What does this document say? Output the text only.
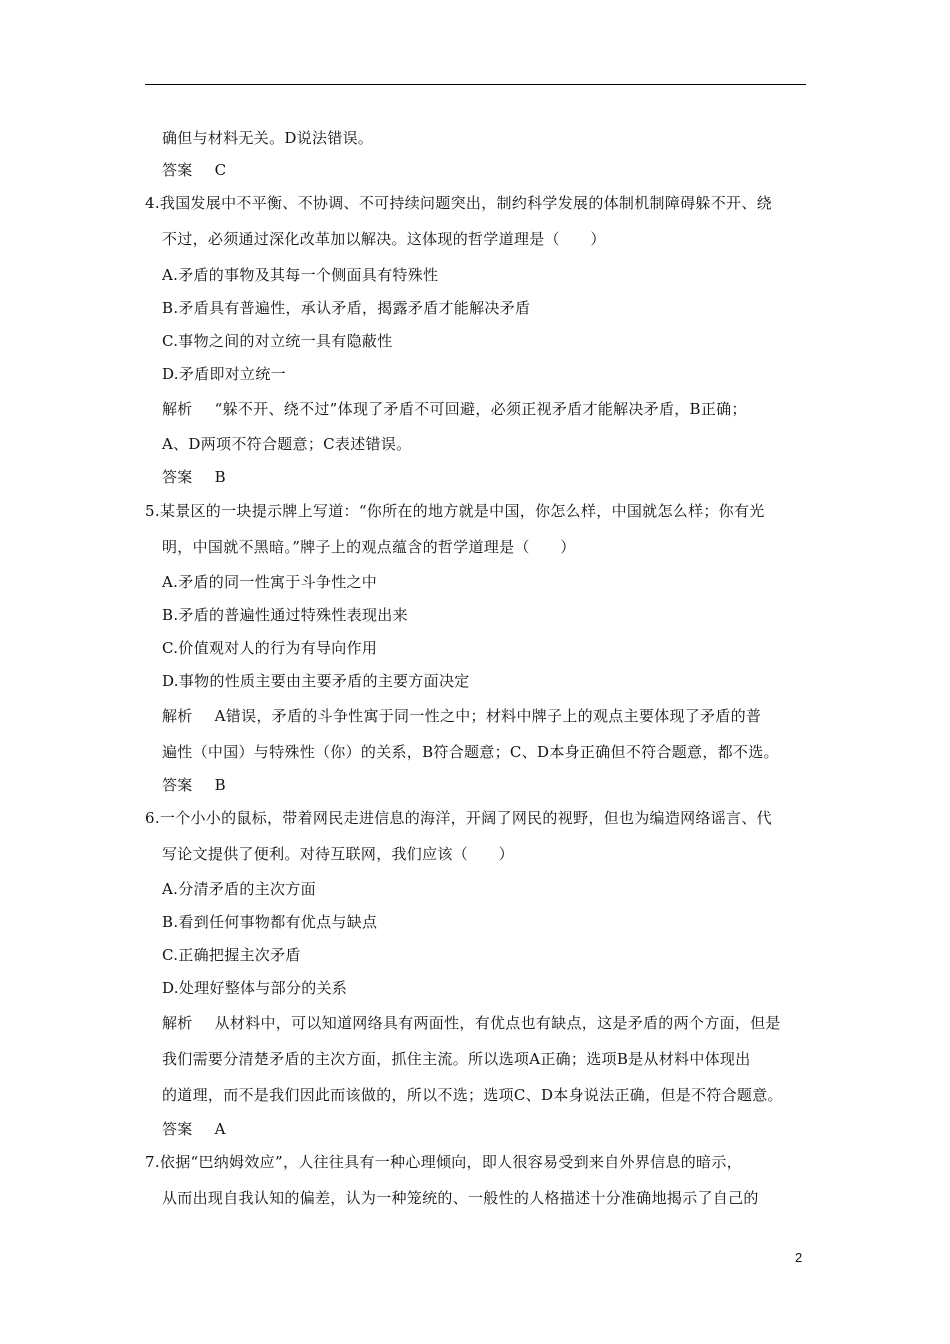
确但与材料无关。D说法错误。
答案 C
4.我国发展中不平衡、不协调、不可持续问题突出，制约科学发展的体制机制障碍躲不开、绕
不过，必须通过深化改革加以解决。这体现的哲学道理是（　　）
A.矛盾的事物及其每一个侧面具有特殊性
B.矛盾具有普遍性，承认矛盾，揭露矛盾才能解决矛盾
C.事物之间的对立统一具有隐蔽性
D.矛盾即对立统一
解析 “躲不开、绕不过”体现了矛盾不可回避，必须正视矛盾才能解决矛盾，B正确；
A、D两项不符合题意；C表述错误。
答案 B
5.某景区的一块提示牌上写道：“你所在的地方就是中国，你怎么样，中国就怎么样；你有光
明，中国就不黑暗。”牌子上的观点蕴含的哲学道理是（　　）
A.矛盾的同一性寓于斗争性之中
B.矛盾的普遍性通过特殊性表现出来
C.价值观对人的行为有导向作用
D.事物的性质主要由主要矛盾的主要方面决定
解析 A错误，矛盾的斗争性寓于同一性之中；材料中牌子上的观点主要体现了矛盾的普
遍性（中国）与特殊性（你）的关系，B符合题意；C、D本身正确但不符合题意，都不选。
答案 B
6.一个小小的鼠标，带着网民走进信息的海洋，开阔了网民的视野，但也为编造网络谣言、代
写论文提供了便利。对待互联网，我们应该（　　）
A.分清矛盾的主次方面
B.看到任何事物都有优点与缺点
C.正确把握主次矛盾
D.处理好整体与部分的关系
解析 从材料中，可以知道网络具有两面性，有优点也有缺点，这是矛盾的两个方面，但是
我们需要分清楚矛盾的主次方面，抓住主流。所以选项A正确；选项B是从材料中体现出
的道理，而不是我们因此而该做的，所以不选；选项C、D本身说法正确，但是不符合题意。
答案 A
7.依据“巴纳姆效应”，人往往具有一种心理倾向，即人很容易受到来自外界信息的暗示，
从而出现自我认知的偏差，认为一种笼统的、一般性的人格描述十分准确地揭示了自己的
2
